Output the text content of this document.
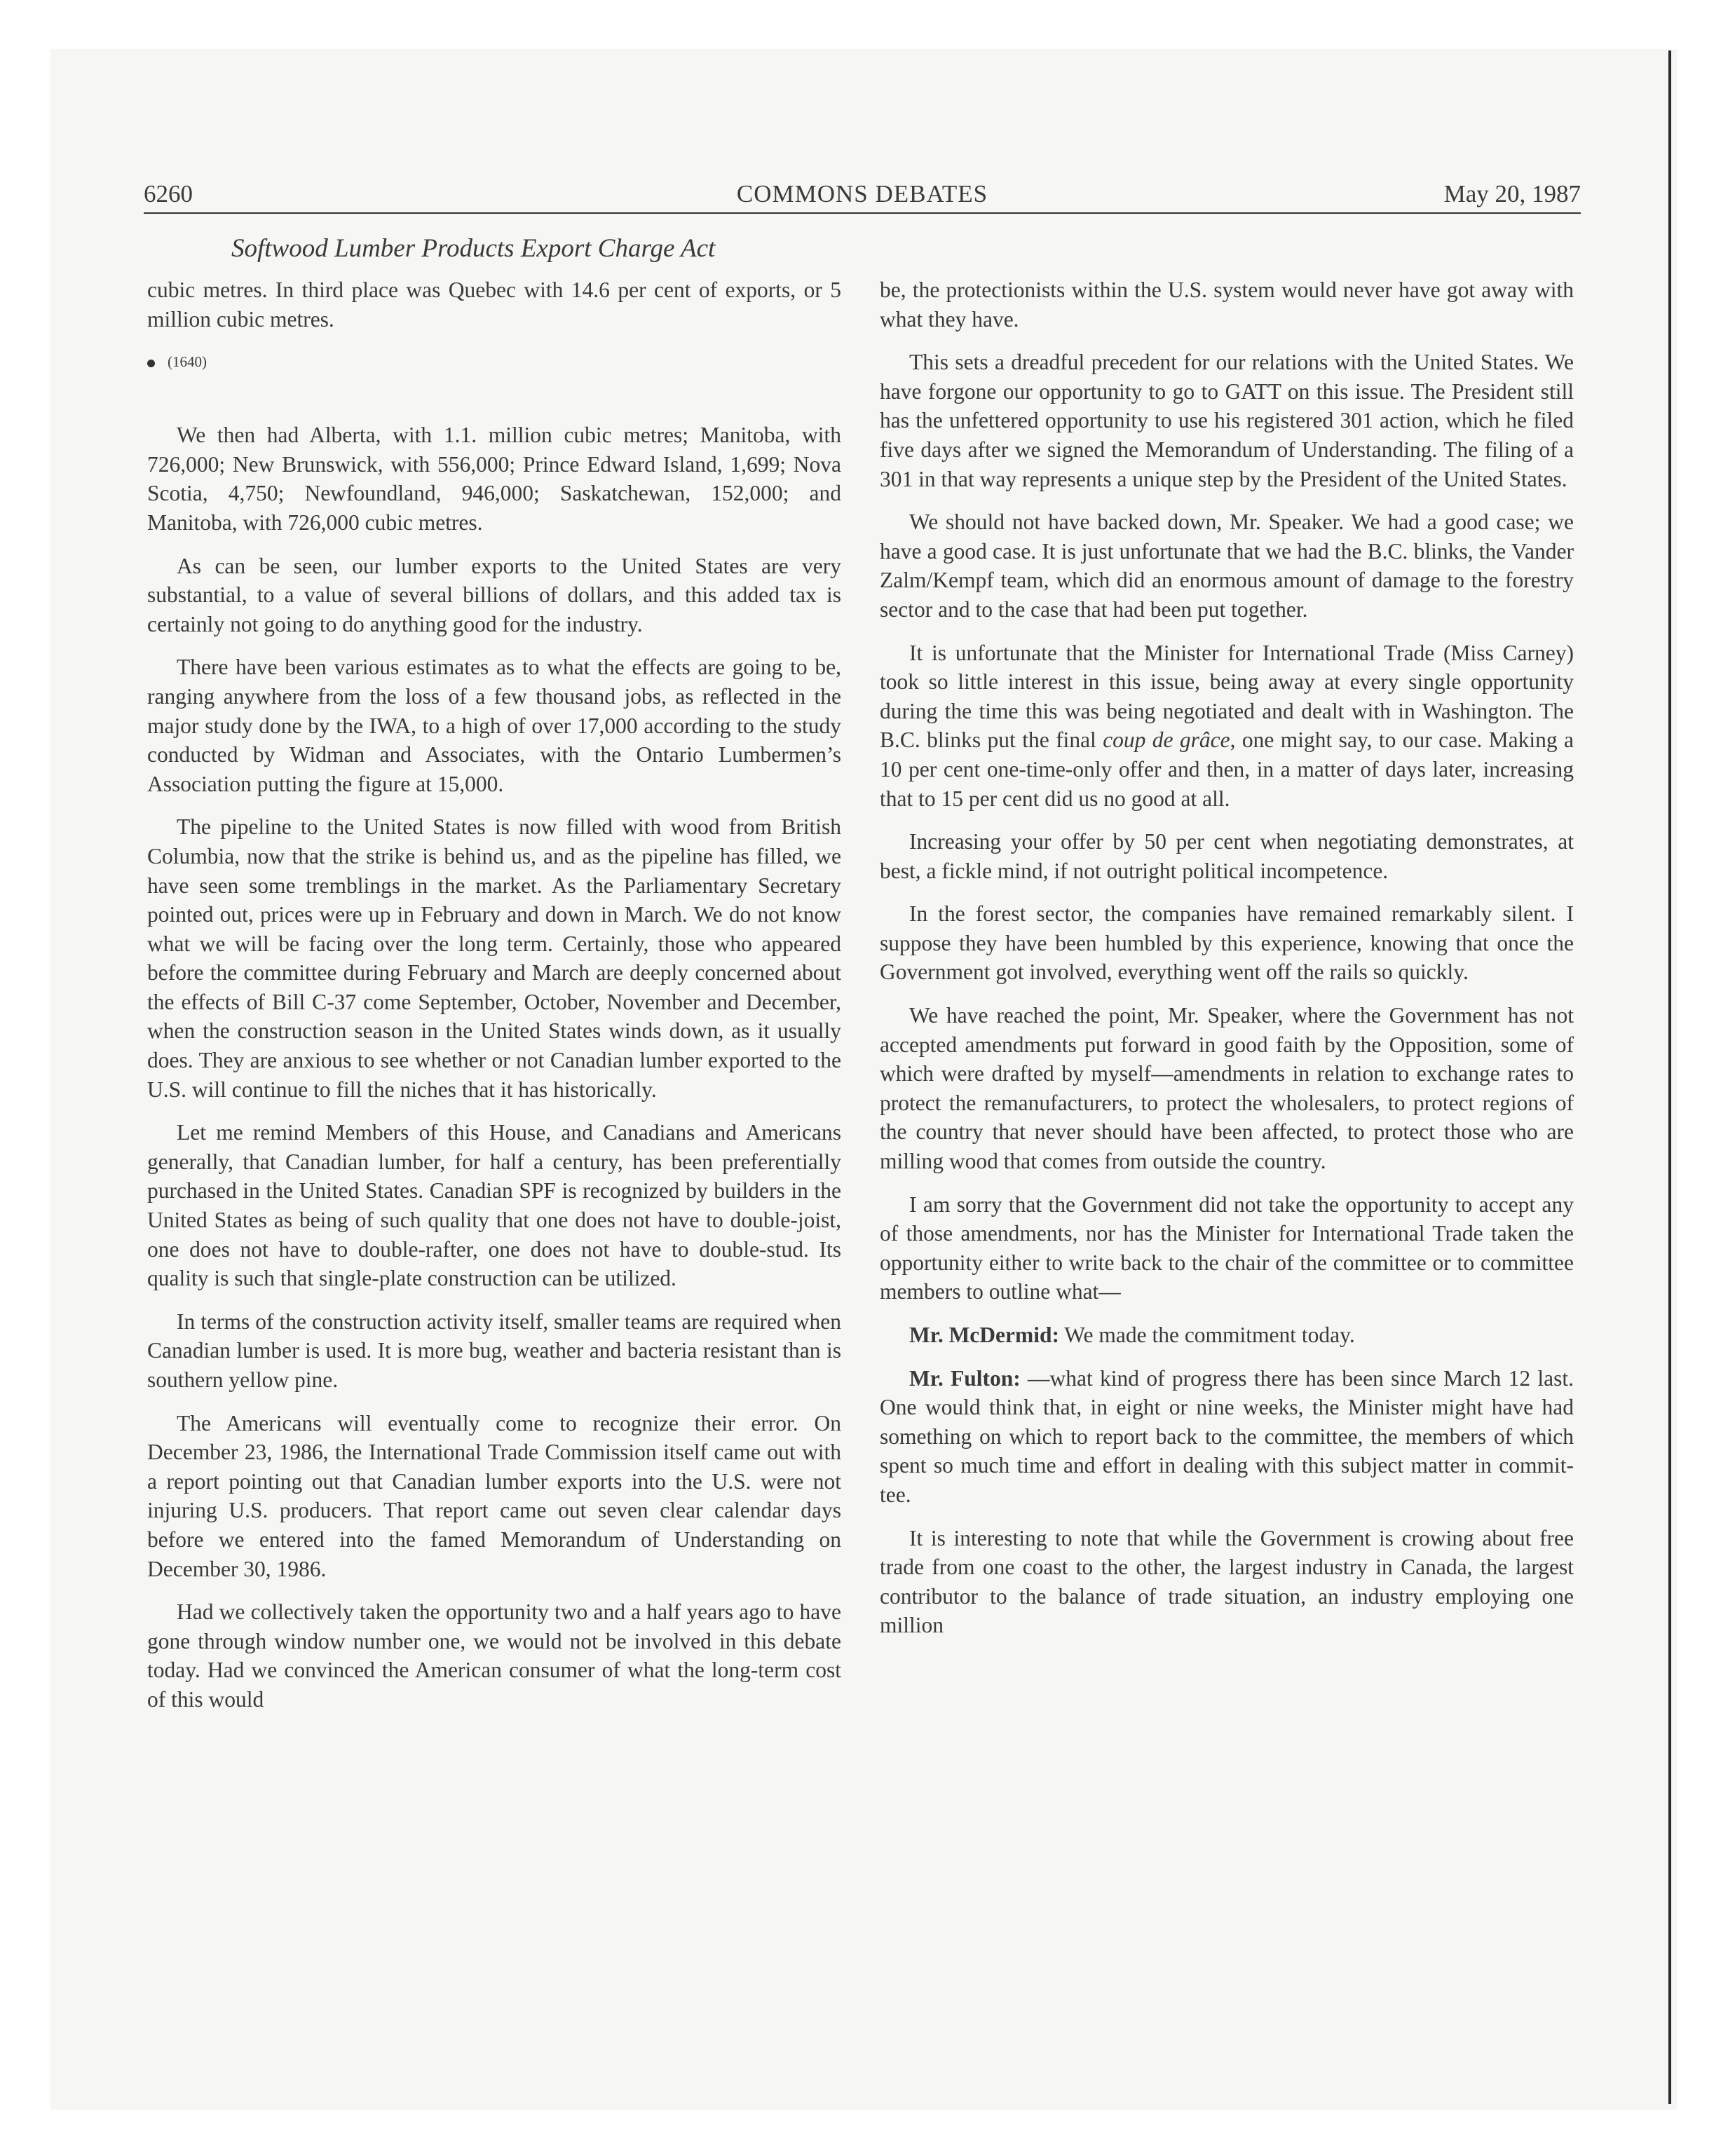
6260	COMMONS DEBATES	May 20, 1987
Softwood Lumber Products Export Charge Act

cubic metres. In third place was Quebec with 14.6 per cent of exports, or 5 million cubic metres.

(1640)

We then had Alberta, with 1.1. million cubic metres; Manitoba, with 726,000; New Brunswick, with 556,000; Prince Edward Island, 1,699; Nova Scotia, 4,750; Newfoundland, 946,000; Saskatchewan, 152,000; and Manitoba, with 726,000 cubic metres.

As can be seen, our lumber exports to the United States are very substantial, to a value of several billions of dollars, and this added tax is certainly not going to do anything good for the industry.

There have been various estimates as to what the effects are going to be, ranging anywhere from the loss of a few thousand jobs, as reflected in the major study done by the IWA, to a high of over 17,000 according to the study conducted by Widman and Associates, with the Ontario Lumbermen’s Association putting the figure at 15,000.

The pipeline to the United States is now filled with wood from British Columbia, now that the strike is behind us, and as the pipeline has filled, we have seen some tremblings in the market. As the Parliamentary Secretary pointed out, prices were up in February and down in March. We do not know what we will be facing over the long term. Certainly, those who appeared before the committee during February and March are deeply concerned about the effects of Bill C-37 come September, October, November and December, when the construction season in the United States winds down, as it usually does. They are anxious to see whether or not Canadian lumber exported to the U.S. will continue to fill the niches that it has historically.

Let me remind Members of this House, and Canadians and Americans generally, that Canadian lumber, for half a century, has been preferentially purchased in the United States. Canadian SPF is recognized by builders in the United States as being of such quality that one does not have to double-joist, one does not have to double-rafter, one does not have to double-stud. Its quality is such that single-plate construction can be utilized.

In terms of the construction activity itself, smaller teams are required when Canadian lumber is used. It is more bug, weather and bacteria resistant than is southern yellow pine.

The Americans will eventually come to recognize their error. On December 23, 1986, the International Trade Commission itself came out with a report pointing out that Canadian lumber exports into the U.S. were not injuring U.S. producers. That report came out seven clear calendar days before we entered into the famed Memorandum of Understanding on December 30, 1986.

Had we collectively taken the opportunity two and a half years ago to have gone through window number one, we would not be involved in this debate today. Had we convinced the American consumer of what the long-term cost of this would

be, the protectionists within the U.S. system would never have got away with what they have.

This sets a dreadful precedent for our relations with the United States. We have forgone our opportunity to go to GATT on this issue. The President still has the unfettered opportunity to use his registered 301 action, which he filed five days after we signed the Memorandum of Understanding. The filing of a 301 in that way represents a unique step by the President of the United States.

We should not have backed down, Mr. Speaker. We had a good case; we have a good case. It is just unfortunate that we had the B.C. blinks, the Vander Zalm/Kempf team, which did an enormous amount of damage to the forestry sector and to the case that had been put together.

It is unfortunate that the Minister for International Trade (Miss Carney) took so little interest in this issue, being away at every single opportunity during the time this was being negotiated and dealt with in Washington. The B.C. blinks put the final coup de grâce, one might say, to our case. Making a 10 per cent one-time-only offer and then, in a matter of days later, increasing that to 15 per cent did us no good at all.

Increasing your offer by 50 per cent when negotiating demonstrates, at best, a fickle mind, if not outright political incompetence.

In the forest sector, the companies have remained remarkably silent. I suppose they have been humbled by this experience, knowing that once the Government got involved, everything went off the rails so quickly.

We have reached the point, Mr. Speaker, where the Government has not accepted amendments put forward in good faith by the Opposition, some of which were drafted by myself—amendments in relation to exchange rates to protect the remanufacturers, to protect the wholesalers, to protect regions of the country that never should have been affected, to protect those who are milling wood that comes from outside the country.

I am sorry that the Government did not take the opportunity to accept any of those amendments, nor has the Minister for International Trade taken the opportunity either to write back to the chair of the committee or to committee members to outline what—

Mr. McDermid: We made the commitment today.

Mr. Fulton: —what kind of progress there has been since March 12 last. One would think that, in eight or nine weeks, the Minister might have had something on which to report back to the committee, the members of which spent so much time and effort in dealing with this subject matter in committee.

It is interesting to note that while the Government is crowing about free trade from one coast to the other, the largest industry in Canada, the largest contributor to the balance of trade situation, an industry employing one million
